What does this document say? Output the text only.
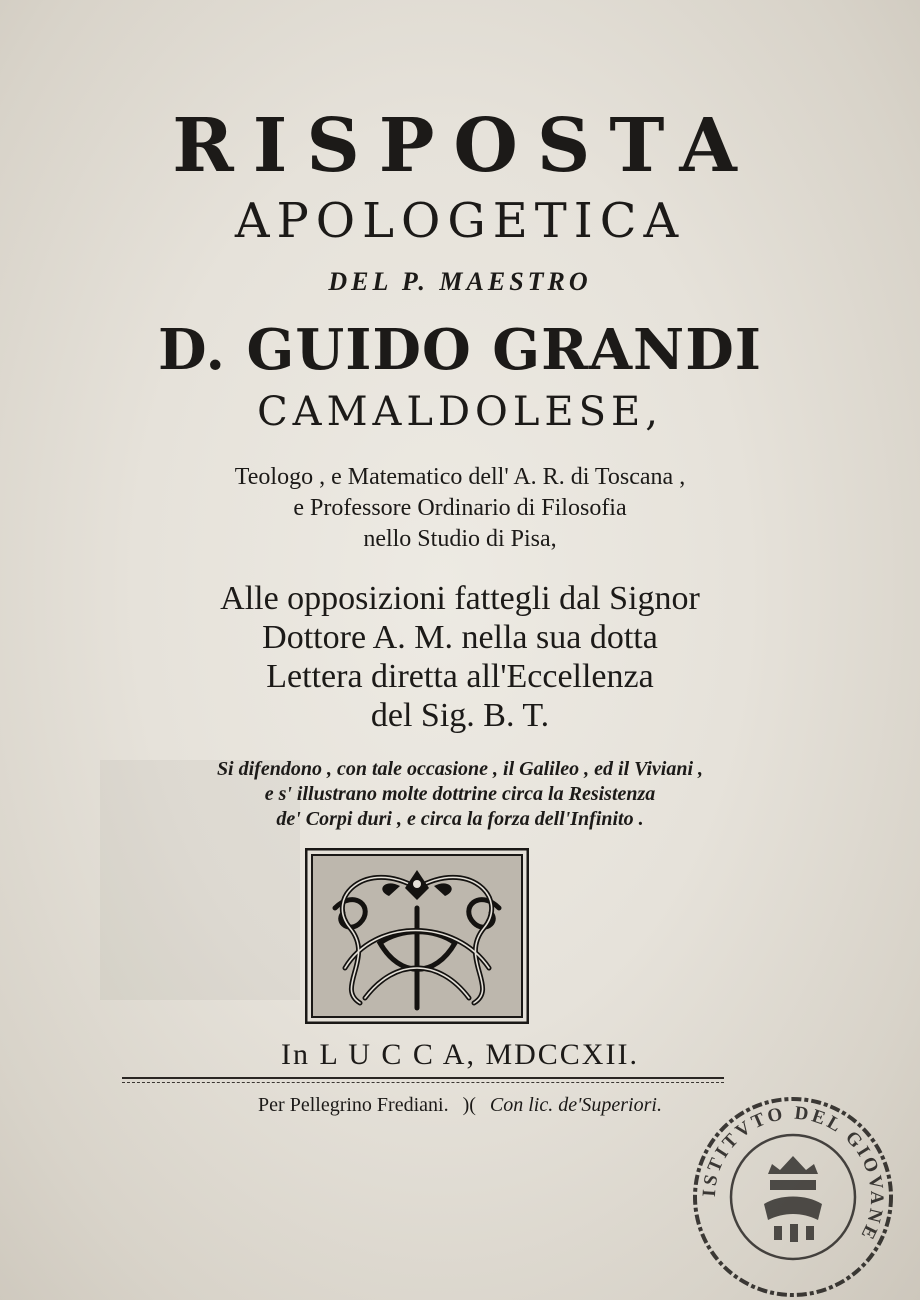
RISPOSTA
APOLOGETICA
DEL P. MAESTRO
D. GUIDO GRANDI
CAMALDOLESE,
Teologo , e Matematico dell' A. R. di Toscana ,
e Professore Ordinario di Filosofia
nello Studio di Pisa,
Alle opposizioni fattegli dal Signor
Dottore A. M. nella sua dotta
Lettera diretta all'Eccellenza
del Sig. B. T.
Si difendono , con tale occasione , il Galileo , ed il Viviani ,
e s' illustrano molte dottrine circa la Resistenza
de' Corpi duri , e circa la forza dell'Infinito .
In L U C C A, MDCCXII.
Per Pellegrino Frediani. )( Con lic. de'Superiori.
ISTITVTO DEL GIOVANE
